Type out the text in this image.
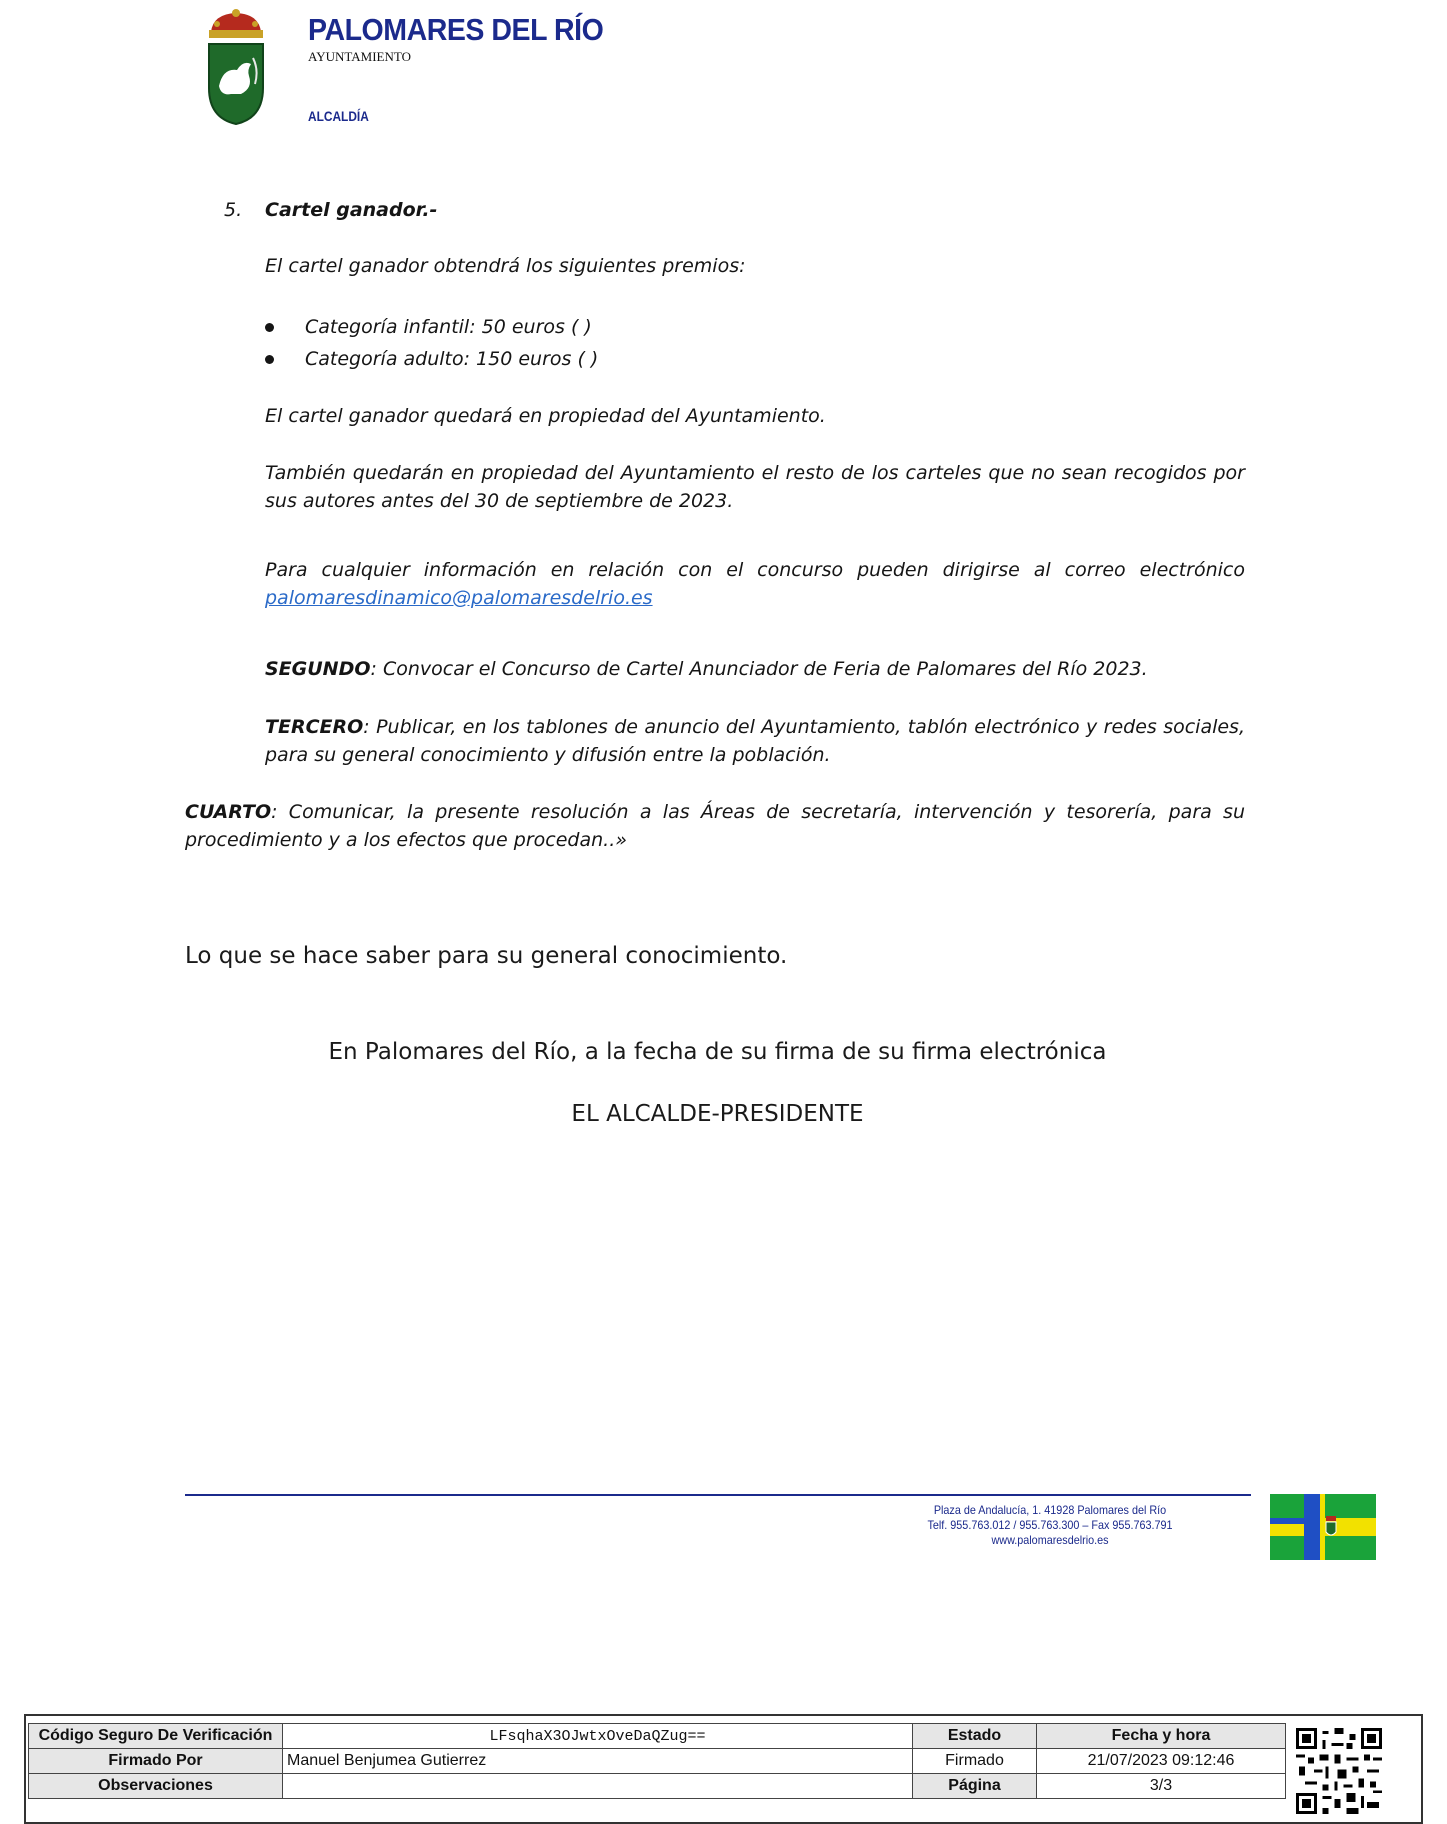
PALOMARES DEL RÍO
AYUNTAMIENTO
ALCALDÍA
5. Cartel ganador.-
El cartel ganador obtendrá los siguientes premios:
Categoría infantil: 50 euros ( )
Categoría adulto: 150 euros ( )
El cartel ganador quedará en propiedad del Ayuntamiento.
También quedarán en propiedad del Ayuntamiento el resto de los carteles que no sean recogidos por sus autores antes del 30 de septiembre de 2023.
Para cualquier información en relación con el concurso pueden dirigirse al correo electrónico palomaresdinamico@palomaresdelrio.es
SEGUNDO: Convocar el Concurso de Cartel Anunciador de Feria de Palomares del Río 2023.
TERCERO: Publicar, en los tablones de anuncio del Ayuntamiento, tablón electrónico y redes sociales, para su general conocimiento y difusión entre la población.
CUARTO: Comunicar, la presente resolución a las Áreas de secretaría, intervención y tesorería, para su procedimiento y a los efectos que procedan..»
Lo que se hace saber para su general conocimiento.
En Palomares del Río, a la fecha de su firma de su firma electrónica
EL ALCALDE-PRESIDENTE
Plaza de Andalucía, 1. 41928 Palomares del Río
Telf. 955.763.012 / 955.763.300 – Fax 955.763.791
www.palomaresdelrio.es
Código Seguro De Verificación	LFsqhaX3OJwtxOveDaQZug==	Estado	Fecha y hora
Firmado Por	Manuel Benjumea Gutierrez	Firmado	21/07/2023 09:12:46
Observaciones		Página	3/3
